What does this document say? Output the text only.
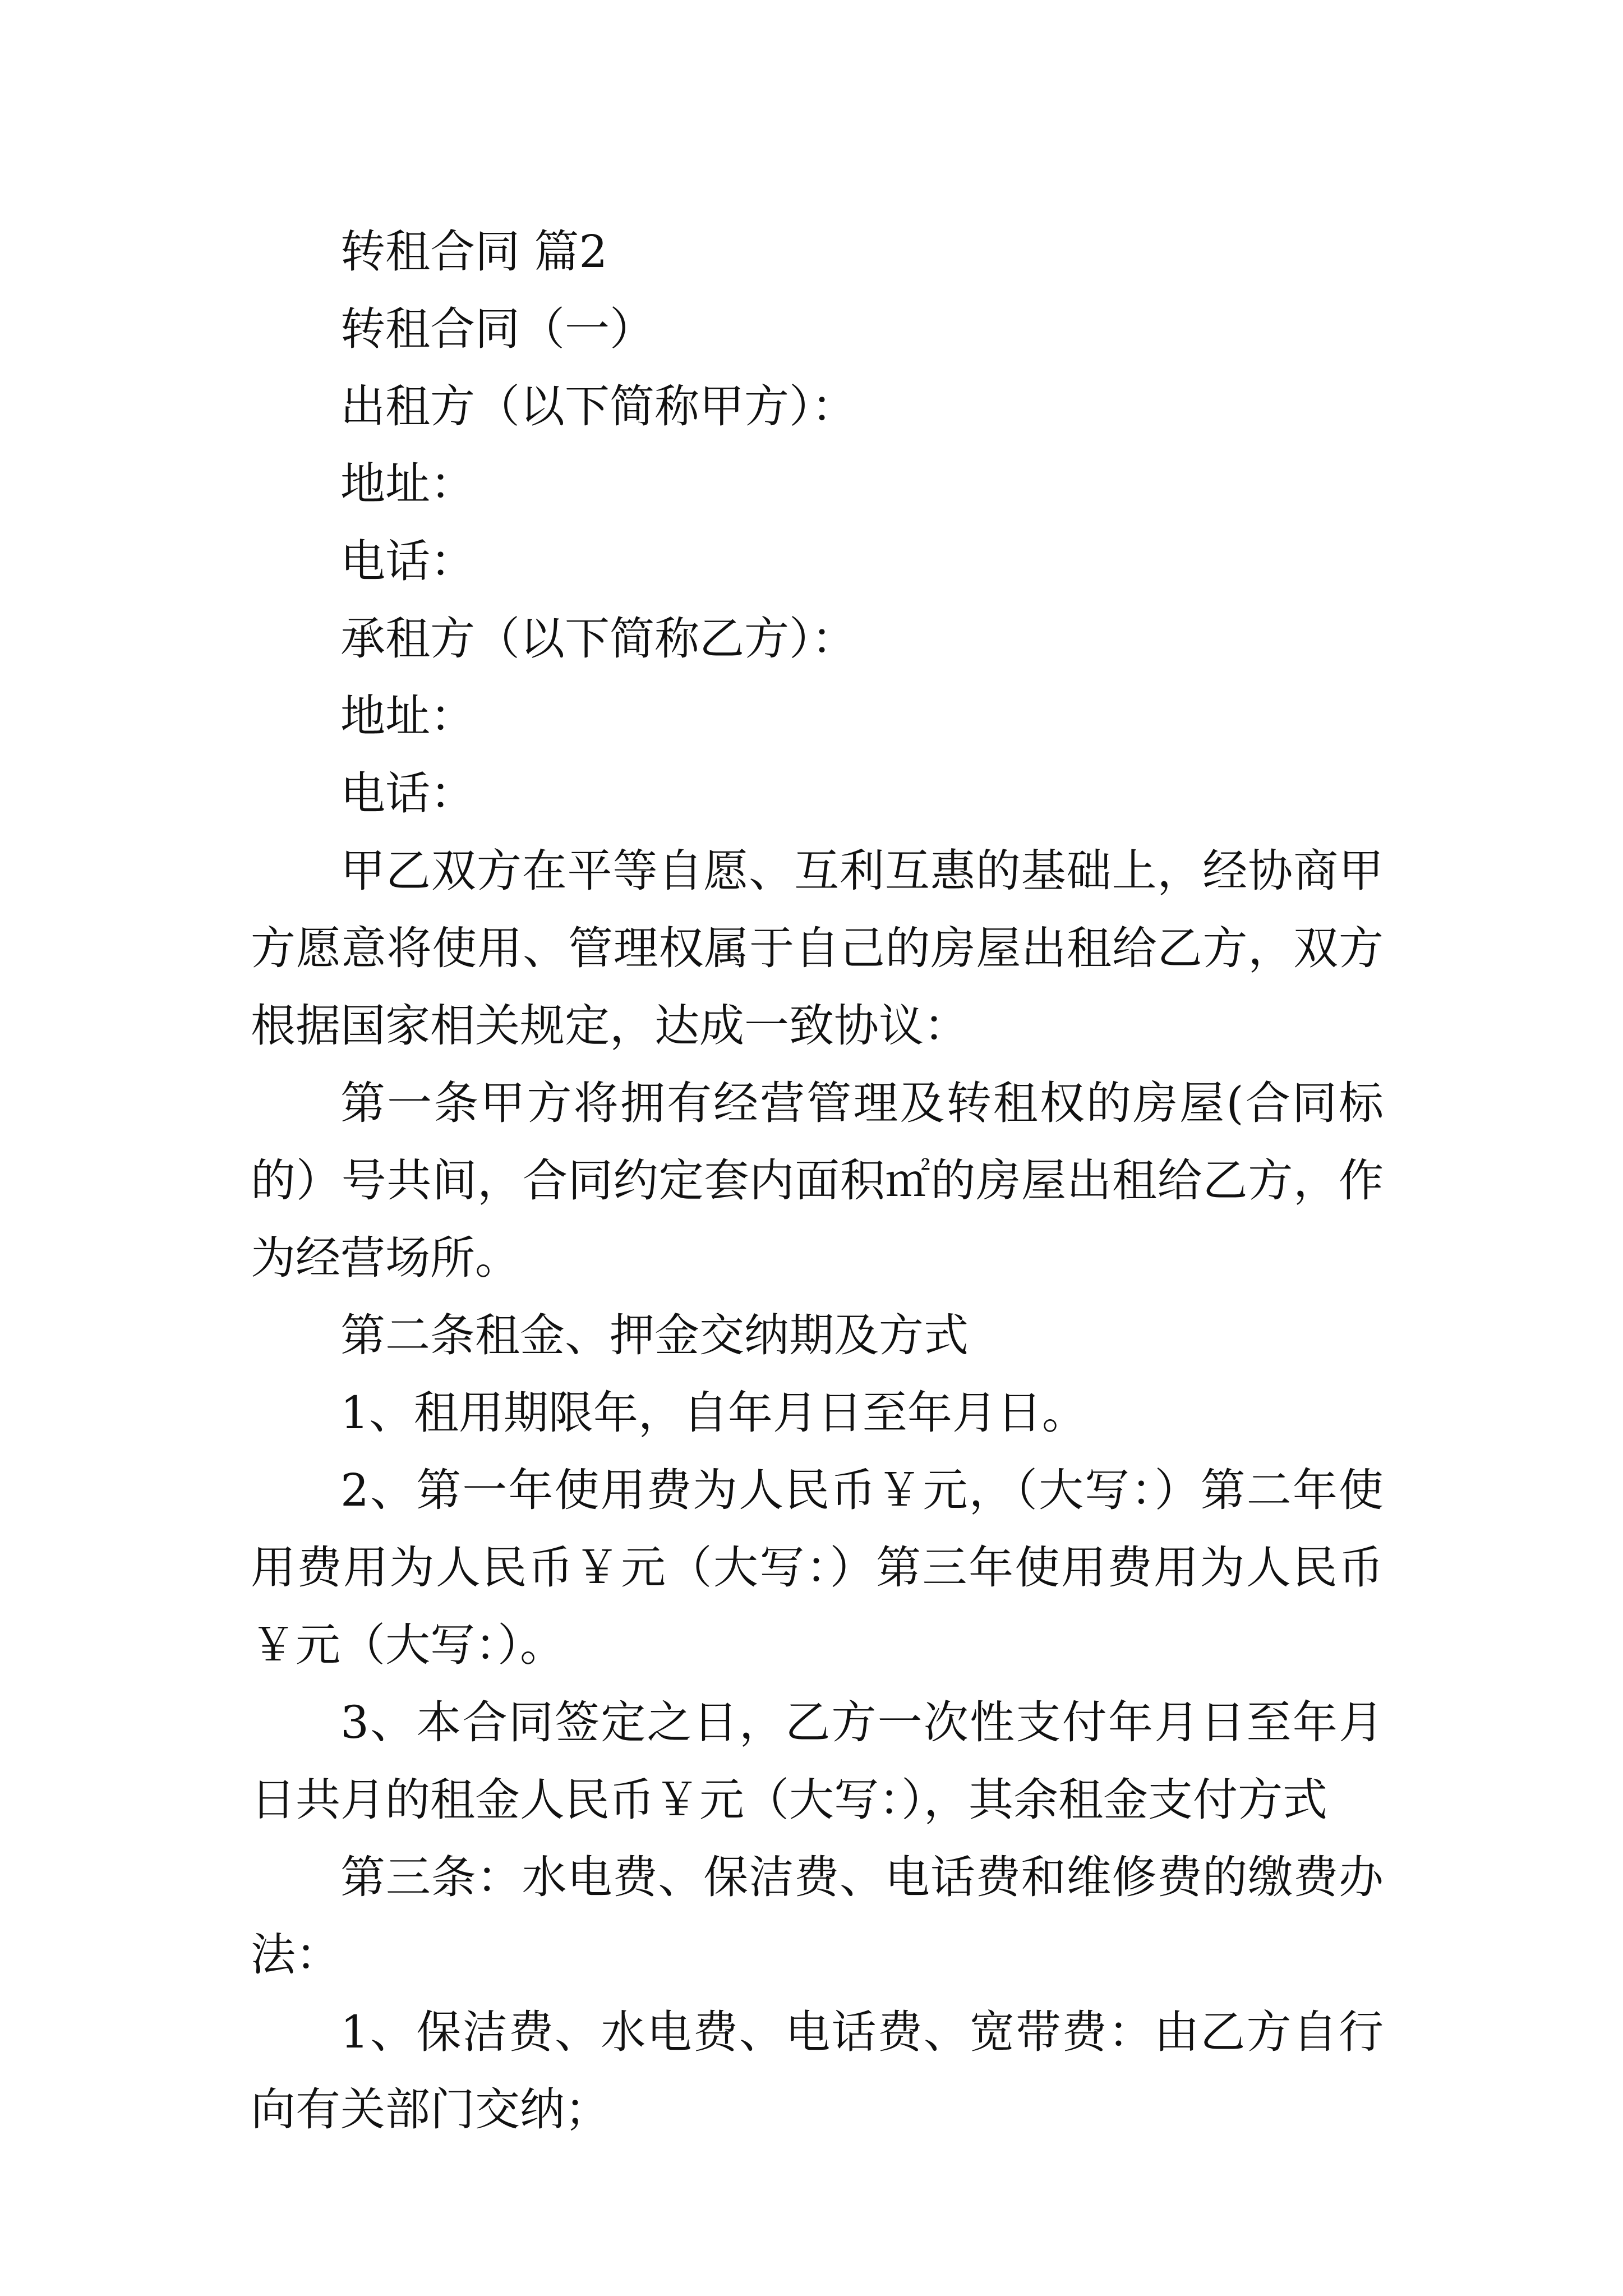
转租合同 篇2

转租合同（一）

出租方（以下简称甲方）：

地址：

电话：

承租方（以下简称乙方）：

地址：

电话：

甲乙双方在平等自愿、互利互惠的基础上，经协商甲方愿意将使用、管理权属于自己的房屋出租给乙方，双方根据国家相关规定，达成一致协议：

第一条甲方将拥有经营管理及转租权的房屋(合同标的）号共间，合同约定套内面积㎡的房屋出租给乙方，作为经营场所。

第二条租金、押金交纳期及方式

1、租用期限年，自年月日至年月日。

2、第一年使用费为人民币￥元，（大写：）第二年使用费用为人民币￥元（大写：）第三年使用费用为人民币￥元（大写：）。

3、本合同签定之日，乙方一次性支付年月日至年月日共月的租金人民币￥元（大写：），其余租金支付方式

第三条：水电费、保洁费、电话费和维修费的缴费办法：

1、保洁费、水电费、电话费、宽带费：由乙方自行向有关部门交纳；
